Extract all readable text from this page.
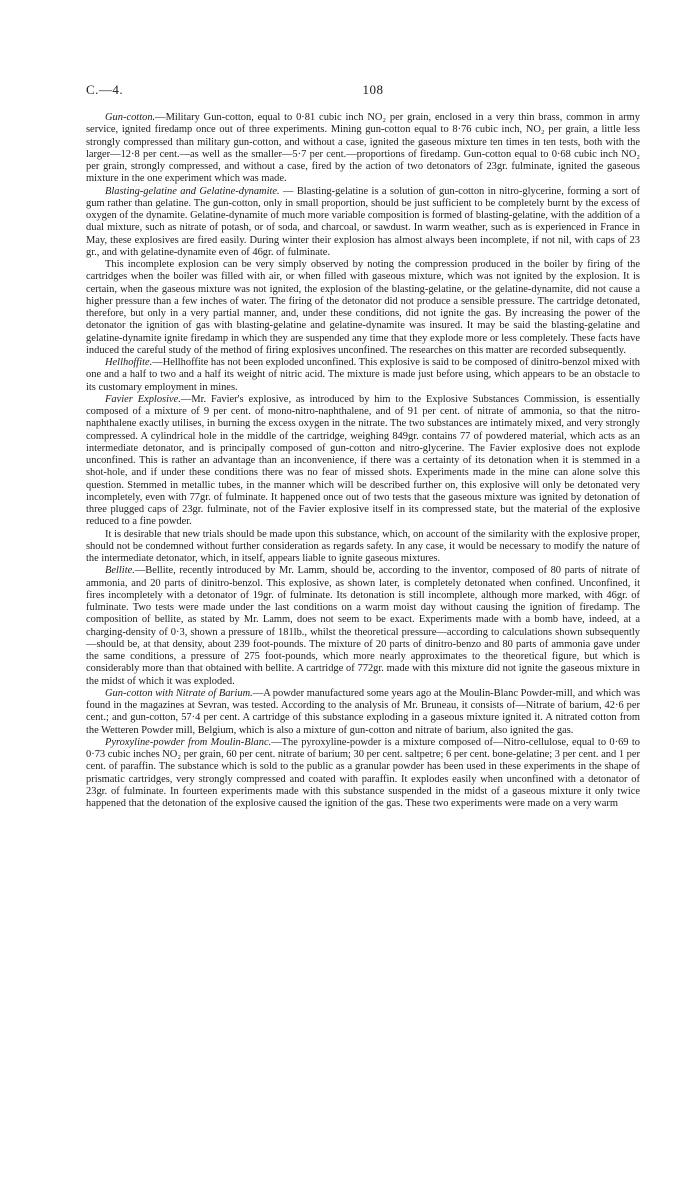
C.—4.	108

Gun-cotton.—Military Gun-cotton, equal to 0·81 cubic inch NO₂ per grain, enclosed in a very thin brass, common in army service, ignited firedamp once out of three experiments. Mining gun-cotton equal to 8·76 cubic inch, NO₂ per grain, a little less strongly compressed than military gun-cotton, and without a case, ignited the gaseous mixture ten times in ten tests, both with the larger—12·8 per cent.—as well as the smaller—5·7 per cent.—proportions of firedamp. Gun-cotton equal to 0·68 cubic inch NO₂ per grain, strongly compressed, and without a case, fired by the action of two detonators of 23gr. fulminate, ignited the gaseous mixture in the one experiment which was made.

Blasting-gelatine and Gelatine-dynamite. — Blasting-gelatine is a solution of gun-cotton in nitro-glycerine, forming a sort of gum rather than gelatine. The gun-cotton, only in small proportion, should be just sufficient to be completely burnt by the excess of oxygen of the dynamite. Gelatine-dynamite of much more variable composition is formed of blasting-gelatine, with the addition of a dual mixture, such as nitrate of potash, or of soda, and charcoal, or sawdust. In warm weather, such as is experienced in France in May, these explosives are fired easily. During winter their explosion has almost always been incomplete, if not nil, with caps of 23 gr., and with gelatine-dynamite even of 46gr. of fulminate.

This incomplete explosion can be very simply observed by noting the compression produced in the boiler by firing of the cartridges when the boiler was filled with air, or when filled with gaseous mixture, which was not ignited by the explosion. It is certain, when the gaseous mixture was not ignited, the explosion of the blasting-gelatine, or the gelatine-dynamite, did not cause a higher pressure than a few inches of water. The firing of the detonator did not produce a sensible pressure. The cartridge detonated, therefore, but only in a very partial manner, and, under these conditions, did not ignite the gas. By increasing the power of the detonator the ignition of gas with blasting-gelatine and gelatine-dynamite was insured. It may be said the blasting-gelatine and gelatine-dynamite ignite firedamp in which they are suspended any time that they explode more or less completely. These facts have induced the careful study of the method of firing explosives unconfined. The researches on this matter are recorded subsequently.

Hellhoffite.—Hellhoffite has not been exploded unconfined. This explosive is said to be composed of dinitro-benzol mixed with one and a half to two and a half its weight of nitric acid. The mixture is made just before using, which appears to be an obstacle to its customary employment in mines.

Favier Explosive.—Mr. Favier's explosive, as introduced by him to the Explosive Substances Commission, is essentially composed of a mixture of 9 per cent. of mono-nitro-naphthalene, and of 91 per cent. of nitrate of ammonia, so that the nitro-naphthalene exactly utilises, in burning the excess oxygen in the nitrate. The two substances are intimately mixed, and very strongly compressed. A cylindrical hole in the middle of the cartridge, weighing 849gr. contains 77 of powdered material, which acts as an intermediate detonator, and is principally composed of gun-cotton and nitro-glycerine. The Favier explosive does not explode unconfined. This is rather an advantage than an inconvenience, if there was a certainty of its detonation when it is stemmed in a shot-hole, and if under these conditions there was no fear of missed shots. Experiments made in the mine can alone solve this question. Stemmed in metallic tubes, in the manner which will be described further on, this explosive will only be detonated very incompletely, even with 77gr. of fulminate. It happened once out of two tests that the gaseous mixture was ignited by detonation of three plugged caps of 23gr. fulminate, not of the Favier explosive itself in its compressed state, but the material of the explosive reduced to a fine powder.

It is desirable that new trials should be made upon this substance, which, on account of the similarity with the explosive proper, should not be condemned without further consideration as regards safety. In any case, it would be necessary to modify the nature of the intermediate detonator, which, in itself, appears liable to ignite gaseous mixtures.

Bellite.—Bellite, recently introduced by Mr. Lamm, should be, according to the inventor, composed of 80 parts of nitrate of ammonia, and 20 parts of dinitro-benzol. This explosive, as shown later, is completely detonated when confined. Unconfined, it fires incompletely with a detonator of 19gr. of fulminate. Its detonation is still incomplete, although more marked, with 46gr. of fulminate. Two tests were made under the last conditions on a warm moist day without causing the ignition of firedamp. The composition of bellite, as stated by Mr. Lamm, does not seem to be exact. Experiments made with a bomb have, indeed, at a charging-density of 0·3, shown a pressure of 181lb., whilst the theoretical pressure—according to calculations shown subsequently—should be, at that density, about 239 foot-pounds. The mixture of 20 parts of dinitro-benzo and 80 parts of ammonia gave under the same conditions, a pressure of 275 foot-pounds, which more nearly approximates to the theoretical figure, but which is considerably more than that obtained with bellite. A cartridge of 772gr. made with this mixture did not ignite the gaseous mixture in the midst of which it was exploded.

Gun-cotton with Nitrate of Barium.—A powder manufactured some years ago at the Moulin-Blanc Powder-mill, and which was found in the magazines at Sevran, was tested. According to the analysis of Mr. Bruneau, it consists of—Nitrate of barium, 42·6 per cent.; and gun-cotton, 57·4 per cent. A cartridge of this substance exploding in a gaseous mixture ignited it. A nitrated cotton from the Wetteren Powder mill, Belgium, which is also a mixture of gun-cotton and nitrate of barium, also ignited the gas.

Pyroxyline-powder from Moulin-Blanc.—The pyroxyline-powder is a mixture composed of—Nitro-cellulose, equal to 0·69 to 0·73 cubic inches NO₂ per grain, 60 per cent. nitrate of barium; 30 per cent. saltpetre; 6 per cent. bone-gelatine; 3 per cent. and 1 per cent. of paraffin. The substance which is sold to the public as a granular powder has been used in these experiments in the shape of prismatic cartridges, very strongly compressed and coated with paraffin. It explodes easily when unconfined with a detonator of 23gr. of fulminate. In fourteen experiments made with this substance suspended in the midst of a gaseous mixture it only twice happened that the detonation of the explosive caused the ignition of the gas. These two experiments were made on a very warm
